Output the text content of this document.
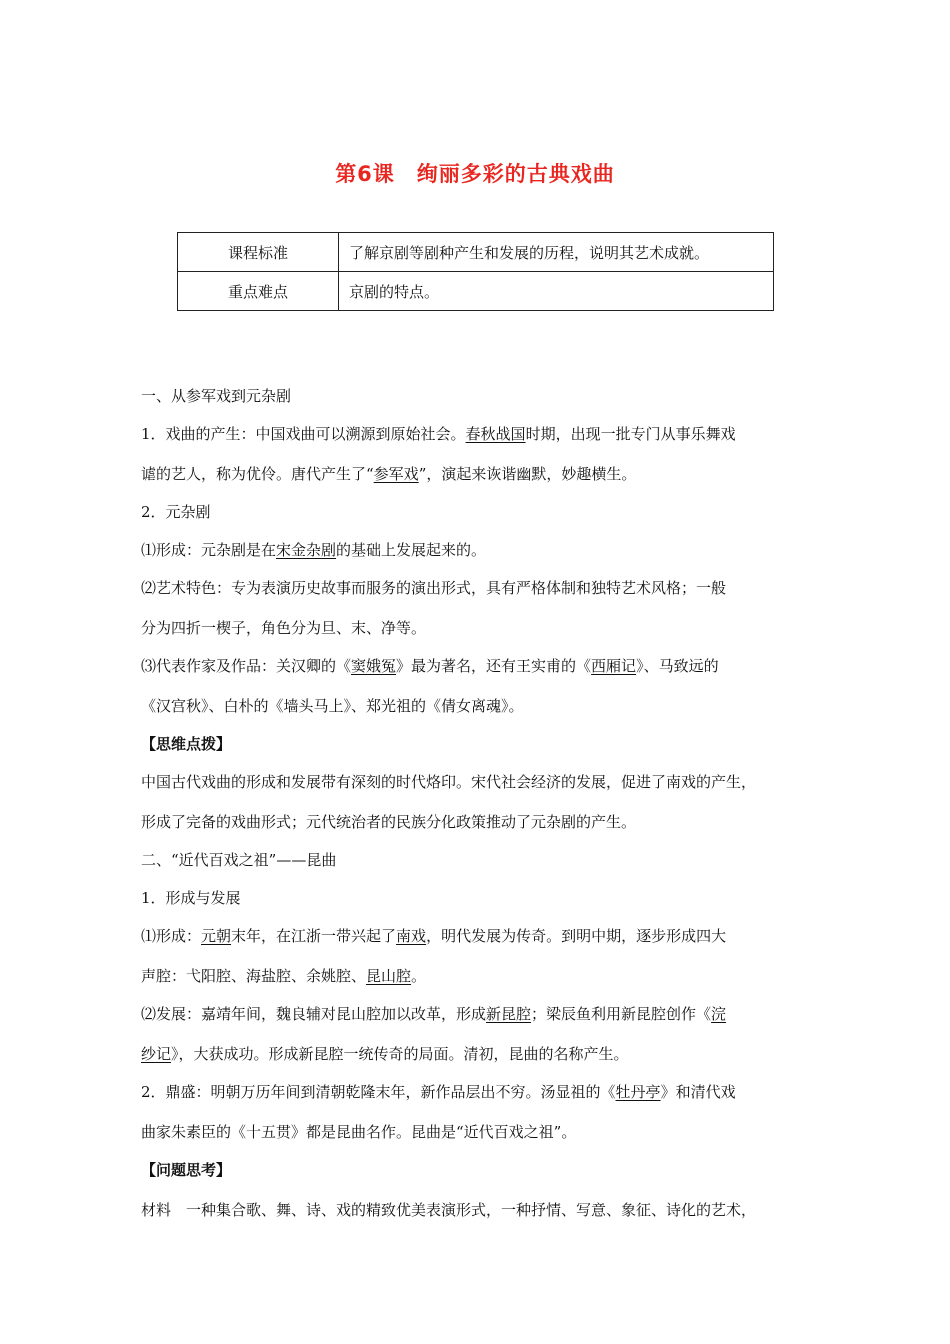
第6课　绚丽多彩的古典戏曲
课程标准	了解京剧等剧种产生和发展的历程，说明其艺术成就。
重点难点	京剧的特点。
一、从参军戏到元杂剧
1．戏曲的产生：中国戏曲可以溯源到原始社会。春秋战国时期，出现一批专门从事乐舞戏
谑的艺人，称为优伶。唐代产生了“参军戏”，演起来诙谐幽默，妙趣横生。
2．元杂剧
⑴形成：元杂剧是在宋金杂剧的基础上发展起来的。
⑵艺术特色：专为表演历史故事而服务的演出形式，具有严格体制和独特艺术风格；一般
分为四折一楔子，角色分为旦、末、净等。
⑶代表作家及作品：关汉卿的《窦娥冤》最为著名，还有王实甫的《西厢记》、马致远的
《汉宫秋》、白朴的《墙头马上》、郑光祖的《倩女离魂》。
【思维点拨】
中国古代戏曲的形成和发展带有深刻的时代烙印。宋代社会经济的发展，促进了南戏的产生，
形成了完备的戏曲形式；元代统治者的民族分化政策推动了元杂剧的产生。
二、“近代百戏之祖”——昆曲
1．形成与发展
⑴形成：元朝末年，在江浙一带兴起了南戏，明代发展为传奇。到明中期，逐步形成四大
声腔：弋阳腔、海盐腔、余姚腔、昆山腔。
⑵发展：嘉靖年间，魏良辅对昆山腔加以改革，形成新昆腔；梁辰鱼利用新昆腔创作《浣
纱记》，大获成功。形成新昆腔一统传奇的局面。清初，昆曲的名称产生。
2．鼎盛：明朝万历年间到清朝乾隆末年，新作品层出不穷。汤显祖的《牡丹亭》和清代戏
曲家朱素臣的《十五贯》都是昆曲名作。昆曲是“近代百戏之祖”。
【问题思考】
材料　一种集合歌、舞、诗、戏的精致优美表演形式，一种抒情、写意、象征、诗化的艺术，
